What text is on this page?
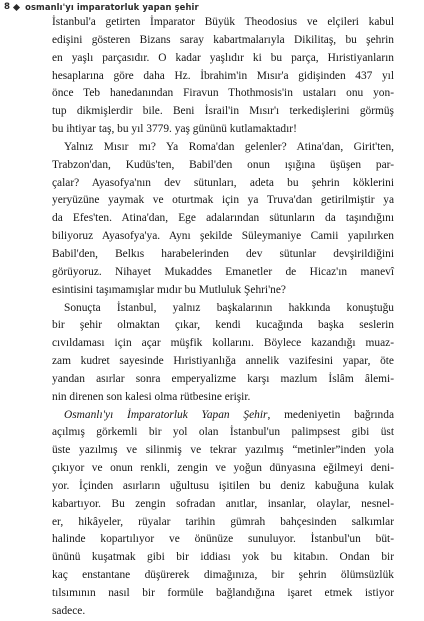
8 osmanlı'yı imparatorluk yapan şehir

İstanbul'a getirten İmparator Büyük Theodosius ve elçileri kabul
edişini gösteren Bizans saray kabartmalarıyla Dikilitaş, bu şehrin
en yaşlı parçasıdır. O kadar yaşlıdır ki bu parça, Hıristiyanların
hesaplarına göre daha Hz. İbrahim'in Mısır'a gidişinden 437 yıl
önce Teb hanedanından Firavun Thothmosis'in ustaları onu yon-
tup dikmişlerdir bile. Beni İsrail'in Mısır'ı terkedişlerini görmüş
bu ihtiyar taş, bu yıl 3779. yaş gününü kutlamaktadır!

Yalnız Mısır mı? Ya Roma'dan gelenler? Atina'dan, Girit'ten,
Trabzon'dan, Kudüs'ten, Babil'den onun ışığına üşüşen par-
çalar? Ayasofya'nın dev sütunları, adeta bu şehrin köklerini
yeryüzüne yaymak ve oturtmak için ya Truva'dan getirilmiştir ya
da Efes'ten. Atina'dan, Ege adalarından sütunların da taşındığını
biliyoruz Ayasofya'ya. Aynı şekilde Süleymaniye Camii yapılırken
Babil'den, Belkıs harabelerinden dev sütunlar devşirildiğini
görüyoruz. Nihayet Mukaddes Emanetler de Hicaz'ın manevî
esintisini taşımamışlar mıdır bu Mutluluk Şehri'ne?

Sonuçta İstanbul, yalnız başkalarının hakkında konuştuğu
bir şehir olmaktan çıkar, kendi kucağında başka seslerin
cıvıldaması için açar müşfik kollarını. Böylece kazandığı muaz-
zam kudret sayesinde Hıristiyanlığa annelik vazifesini yapar, öte
yandan asırlar sonra emperyalizme karşı mazlum İslâm âlemi-
nin direnen son kalesi olma rütbesine erişir.

Osmanlı'yı İmparatorluk Yapan Şehir, medeniyetin bağrında
açılmış görkemli bir yol olan İstanbul'un palimpsest gibi üst
üste yazılmış ve silinmiş ve tekrar yazılmış “metinler”inden yola
çıkıyor ve onun renkli, zengin ve yoğun dünyasına eğilmeyi deni-
yor. İçinden asırların uğultusu işitilen bu deniz kabuğuna kulak
kabartıyor. Bu zengin sofradan anıtlar, insanlar, olaylar, nesnel-
er, hikâyeler, rüyalar tarihin gümrah bahçesinden salkımlar
halinde kopartılıyor ve önünüze sunuluyor. İstanbul'un büt-
ününü kuşatmak gibi bir iddiası yok bu kitabın. Ondan bir
kaç enstantane düşürerek dimağınıza, bir şehrin ölümsüzlük
tılsımının nasıl bir formüle bağlandığına işaret etmek istiyor
sadece.
